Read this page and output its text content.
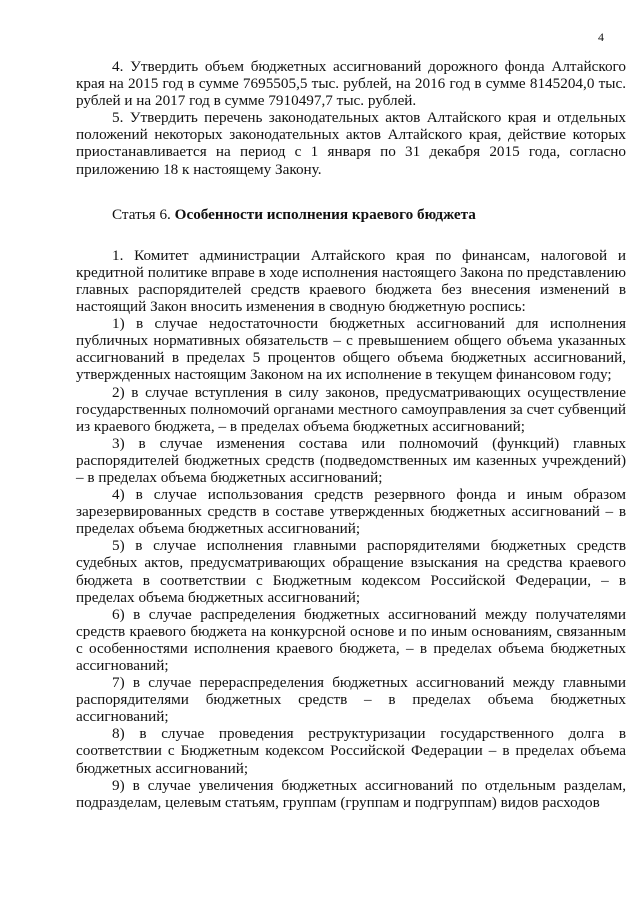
4

4. Утвердить объем бюджетных ассигнований дорожного фонда Алтайского края на 2015 год в сумме 7695505,5 тыс. рублей, на 2016 год в сумме 8145204,0 тыс. рублей и на 2017 год в сумме 7910497,7 тыс. рублей.

5. Утвердить перечень законодательных актов Алтайского края и отдельных положений некоторых законодательных актов Алтайского края, действие которых приостанавливается на период с 1 января по 31 декабря 2015 года, согласно приложению 18 к настоящему Закону.

Статья 6. Особенности исполнения краевого бюджета

1. Комитет администрации Алтайского края по финансам, налоговой и кредитной политике вправе в ходе исполнения настоящего Закона по представлению главных распорядителей средств краевого бюджета без внесения изменений в настоящий Закон вносить изменения в сводную бюджетную роспись:

1) в случае недостаточности бюджетных ассигнований для исполнения публичных нормативных обязательств – с превышением общего объема указанных ассигнований в пределах 5 процентов общего объема бюджетных ассигнований, утвержденных настоящим Законом на их исполнение в текущем финансовом году;

2) в случае вступления в силу законов, предусматривающих осуществление государственных полномочий органами местного самоуправления за счет субвенций из краевого бюджета, – в пределах объема бюджетных ассигнований;

3) в случае изменения состава или полномочий (функций) главных распорядителей бюджетных средств (подведомственных им казенных учреждений) – в пределах объема бюджетных ассигнований;

4) в случае использования средств резервного фонда и иным образом зарезервированных средств в составе утвержденных бюджетных ассигнований – в пределах объема бюджетных ассигнований;

5) в случае исполнения главными распорядителями бюджетных средств судебных актов, предусматривающих обращение взыскания на средства краевого бюджета в соответствии с Бюджетным кодексом Российской Федерации, – в пределах объема бюджетных ассигнований;

6) в случае распределения бюджетных ассигнований между получателями средств краевого бюджета на конкурсной основе и по иным основаниям, связанным с особенностями исполнения краевого бюджета, – в пределах объема бюджетных ассигнований;

7) в случае перераспределения бюджетных ассигнований между главными распорядителями бюджетных средств – в пределах объема бюджетных ассигнований;

8) в случае проведения реструктуризации государственного долга в соответствии с Бюджетным кодексом Российской Федерации – в пределах объема бюджетных ассигнований;

9) в случае увеличения бюджетных ассигнований по отдельным разделам, подразделам, целевым статьям, группам (группам и подгруппам) видов расходов
